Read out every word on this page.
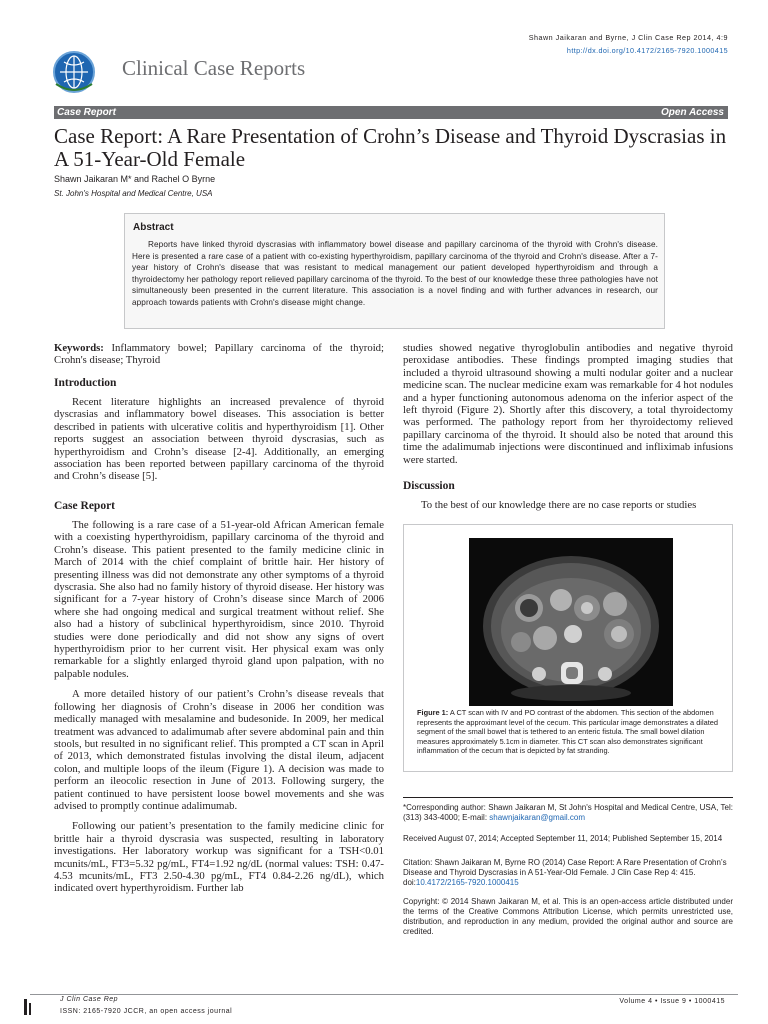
Clinical Case Reports
Shawn Jaikaran and Byrne, J Clin Case Rep 2014, 4:9
http://dx.doi.org/10.4172/2165-7920.1000415
Case Report	Open Access
Case Report: A Rare Presentation of Crohn’s Disease and Thyroid Dyscrasias in A 51-Year-Old Female
Shawn Jaikaran M* and Rachel O Byrne
St. John's Hospital and Medical Centre, USA
Abstract
Reports have linked thyroid dyscrasias with inflammatory bowel disease and papillary carcinoma of the thyroid with Crohn's disease. Here is presented a rare case of a patient with co-existing hyperthyroidism, papillary carcinoma of the thyroid and Crohn's disease. After a 7-year history of Crohn's disease that was resistant to medical management our patient developed hyperthyroidism and through a thyroidectomy her pathology report relieved papillary carcinoma of the thyroid. To the best of our knowledge these three pathologies have not simultaneously been presented in the current literature. This association is a novel finding and with further advances in research, our approach towards patients with Crohn's disease might change.
Keywords: Inflammatory bowel; Papillary carcinoma of the thyroid; Crohn's disease; Thyroid
Introduction

Recent literature highlights an increased prevalence of thyroid dyscrasias and inflammatory bowel diseases. This association is better described in patients with ulcerative colitis and hyperthyroidism [1]. Other reports suggest an association between thyroid dyscrasias, such as hyperthyroidism and Crohn’s disease [2-4]. Additionally, an emerging association has been reported between papillary carcinoma of the thyroid and Crohn’s disease [5].

Case Report

The following is a rare case of a 51-year-old African American female with a coexisting hyperthyroidism, papillary carcinoma of the thyroid and Crohn’s disease. This patient presented to the family medicine clinic in March of 2014 with the chief complaint of brittle hair. Her history of presenting illness was did not demonstrate any other symptoms of a thyroid dyscrasia. She also had no family history of thyroid disease. Her history was significant for a 7-year history of Crohn’s disease since March of 2006 where she had ongoing medical and surgical treatment without relief. She also had a history of subclinical hyperthyroidism, since 2010. Thyroid studies were done periodically and did not show any signs of overt hyperthyroidism prior to her current visit. Her physical exam was only remarkable for a slightly enlarged thyroid gland upon palpation, with no palpable nodules.

A more detailed history of our patient’s Crohn’s disease reveals that following her diagnosis of Crohn’s disease in 2006 her condition was medically managed with mesalamine and budesonide. In 2009, her medical treatment was advanced to adalimumab after severe abdominal pain and thin stools, but resulted in no significant relief. This prompted a CT scan in April of 2013, which demonstrated fistulas involving the distal ileum, adjacent colon, and multiple loops of the ileum (Figure 1). A decision was made to perform an ileocolic resection in June of 2013. Following surgery, the patient continued to have persistent loose bowel movements and she was advised to promptly continue adalimumab.

Following our patient’s presentation to the family medicine clinic for brittle hair a thyroid dyscrasia was suspected, resulting in laboratory investigations. Her laboratory workup was significant for a TSH<0.01 mcunits/mL, FT3=5.32 pg/mL, FT4=1.92 ng/dL (normal values: TSH: 0.47-4.53 mcunits/mL, FT3 2.50-4.30 pg/mL, FT4 0.84-2.26 ng/dL), which indicated overt hyperthyroidism. Further lab

studies showed negative thyroglobulin antibodies and negative thyroid peroxidase antibodies. These findings prompted imaging studies that included a thyroid ultrasound showing a multi nodular goiter and a nuclear medicine scan. The nuclear medicine exam was remarkable for 4 hot nodules and a hyper functioning autonomous adenoma on the inferior aspect of the left thyroid (Figure 2). Shortly after this discovery, a total thyroidectomy was performed. The pathology report from her thyroidectomy relieved papillary carcinoma of the thyroid. It should also be noted that around this time the adalimumab injections were discontinued and infliximab infusions were started.

Discussion

To the best of our knowledge there are no case reports or studies

Figure 1: A CT scan with IV and PO contrast of the abdomen. This section of the abdomen represents the approximant level of the cecum. This particular image demonstrates a dilated segment of the small bowel that is tethered to an enteric fistula. The small bowel dilation measures approximately 5.1cm in diameter. This CT scan also demonstrates significant inflammation of the cecum that is depicted by fat stranding.
*Corresponding author: Shawn Jaikaran M, St John's Hospital and Medical Centre, USA, Tel: (313) 343-4000; E-mail: shawnjaikaran@gmail.com
Received August 07, 2014; Accepted September 11, 2014; Published September 15, 2014
Citation: Shawn Jaikaran M, Byrne RO (2014) Case Report: A Rare Presentation of Crohn’s Disease and Thyroid Dyscrasias in A 51-Year-Old Female. J Clin Case Rep 4: 415. doi:10.4172/2165-7920.1000415
Copyright: © 2014 Shawn Jaikaran M, et al. This is an open-access article distributed under the terms of the Creative Commons Attribution License, which permits unrestricted use, distribution, and reproduction in any medium, provided the original author and source are credited.
J Clin Case Rep
ISSN: 2165-7920 JCCR, an open access journal
Volume 4 • Issue 9 • 1000415
